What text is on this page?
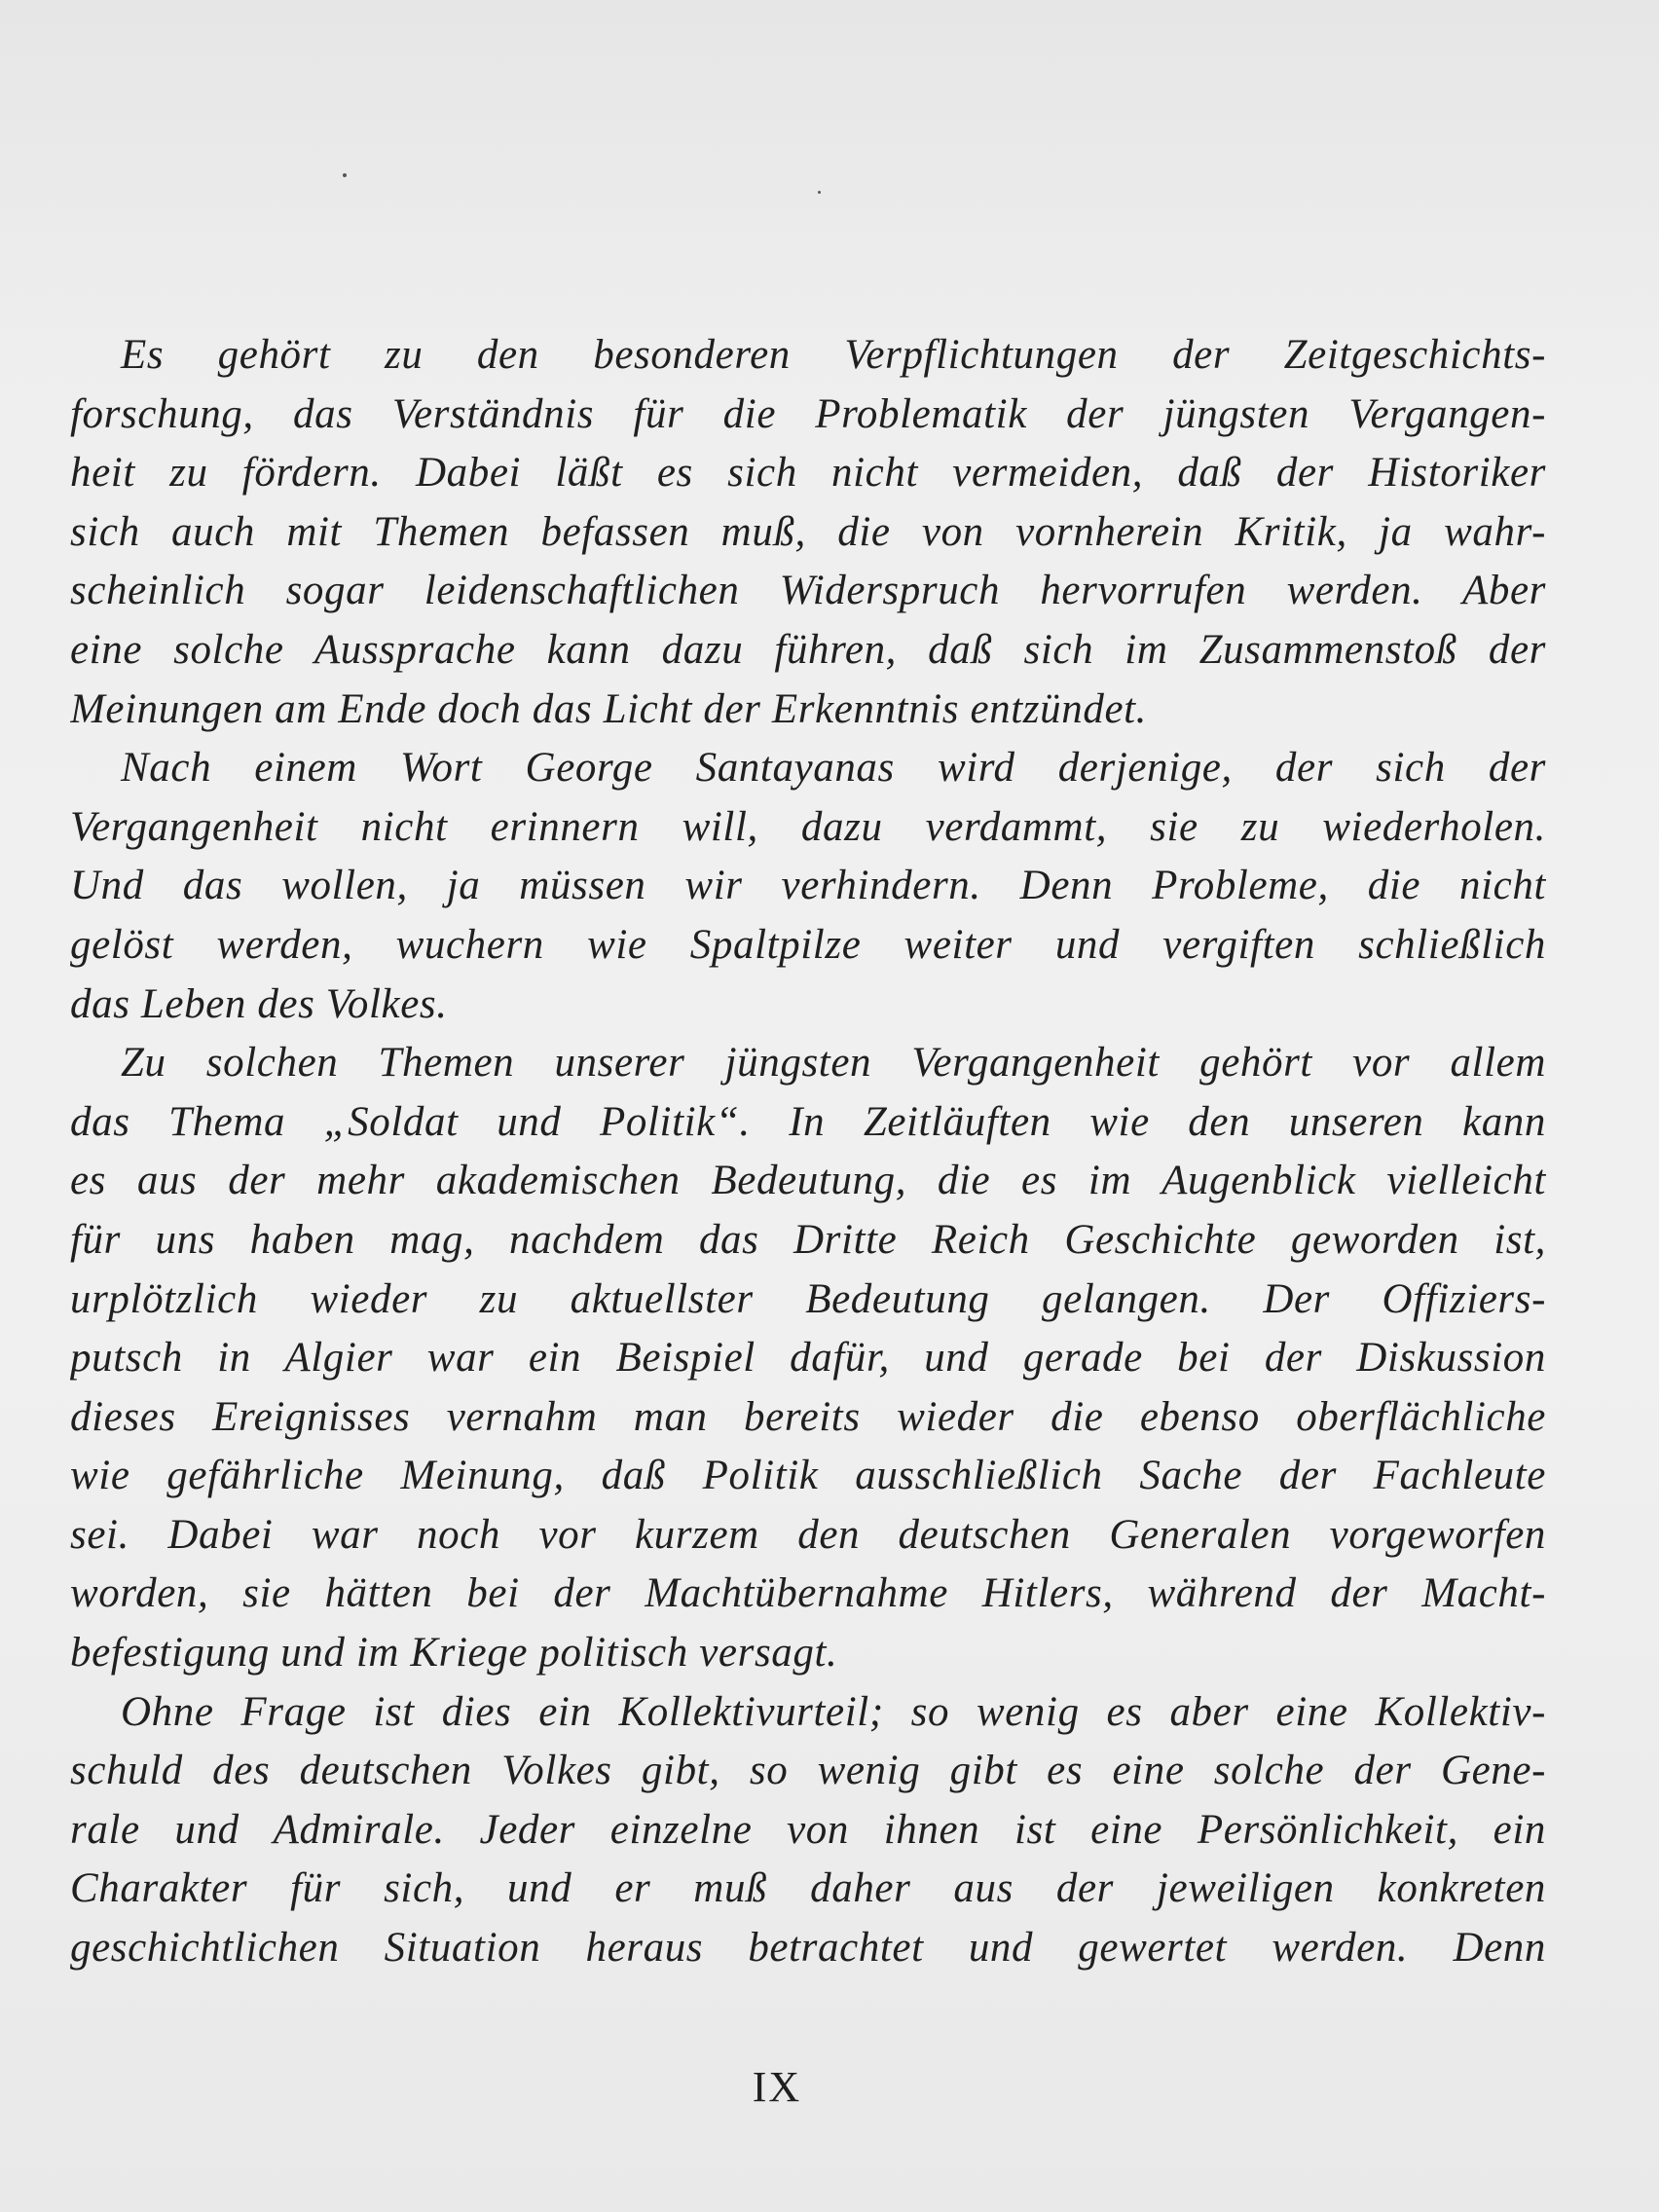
Es gehört zu den besonderen Verpflichtungen der Zeitgeschichts-
forschung, das Verständnis für die Problematik der jüngsten Vergangen-
heit zu fördern. Dabei läßt es sich nicht vermeiden, daß der Historiker
sich auch mit Themen befassen muß, die von vornherein Kritik, ja wahr-
scheinlich sogar leidenschaftlichen Widerspruch hervorrufen werden. Aber
eine solche Aussprache kann dazu führen, daß sich im Zusammenstoß der
Meinungen am Ende doch das Licht der Erkenntnis entzündet.
Nach einem Wort George Santayanas wird derjenige, der sich der
Vergangenheit nicht erinnern will, dazu verdammt, sie zu wiederholen.
Und das wollen, ja müssen wir verhindern. Denn Probleme, die nicht
gelöst werden, wuchern wie Spaltpilze weiter und vergiften schließlich
das Leben des Volkes.
Zu solchen Themen unserer jüngsten Vergangenheit gehört vor allem
das Thema „Soldat und Politik“. In Zeitläuften wie den unseren kann
es aus der mehr akademischen Bedeutung, die es im Augenblick vielleicht
für uns haben mag, nachdem das Dritte Reich Geschichte geworden ist,
urplötzlich wieder zu aktuellster Bedeutung gelangen. Der Offiziers-
putsch in Algier war ein Beispiel dafür, und gerade bei der Diskussion
dieses Ereignisses vernahm man bereits wieder die ebenso oberflächliche
wie gefährliche Meinung, daß Politik ausschließlich Sache der Fachleute
sei. Dabei war noch vor kurzem den deutschen Generalen vorgeworfen
worden, sie hätten bei der Machtübernahme Hitlers, während der Macht-
befestigung und im Kriege politisch versagt.
Ohne Frage ist dies ein Kollektivurteil; so wenig es aber eine Kollektiv-
schuld des deutschen Volkes gibt, so wenig gibt es eine solche der Gene-
rale und Admirale. Jeder einzelne von ihnen ist eine Persönlichkeit, ein
Charakter für sich, und er muß daher aus der jeweiligen konkreten
geschichtlichen Situation heraus betrachtet und gewertet werden. Denn
IX
